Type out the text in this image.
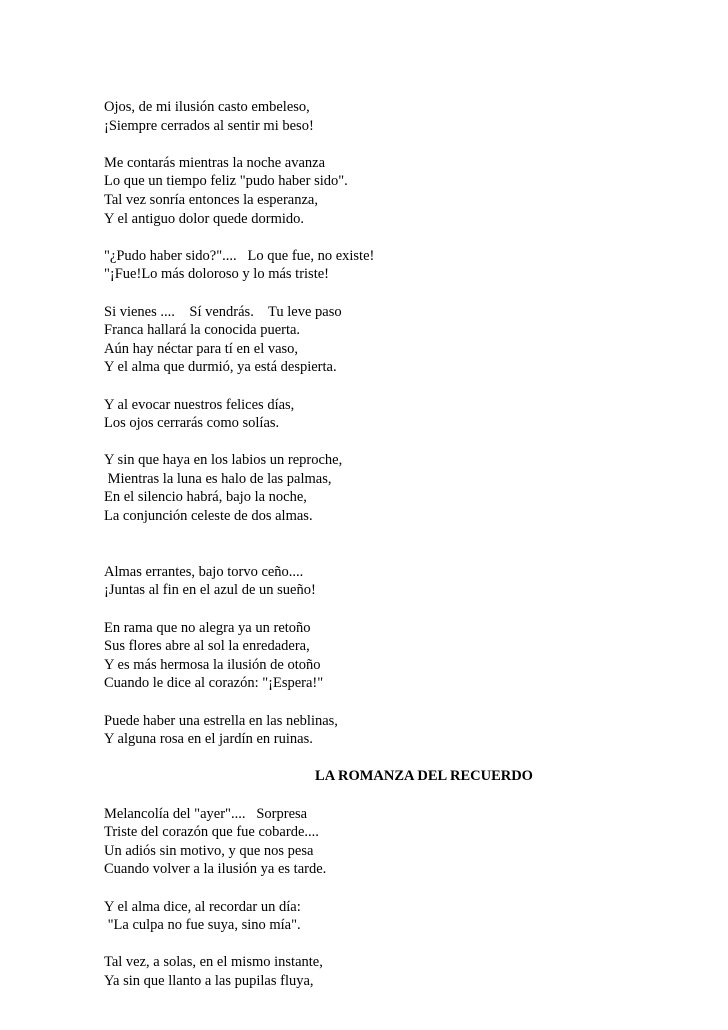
Ojos, de mi ilusión casto embeleso,
¡Siempre cerrados al sentir mi beso!
Me contarás mientras la noche avanza
Lo que un tiempo feliz "pudo haber sido".
Tal vez sonría entonces la esperanza,
Y el antiguo dolor quede dormido.
"¿Pudo haber sido?"....   Lo que fue, no existe!
"¡Fue!Lo más doloroso y lo más triste!
Si vienes ....    Sí vendrás.    Tu leve paso
Franca hallará la conocida puerta.
Aún hay néctar para tí en el vaso,
Y el alma que durmió, ya está despierta.
Y al evocar nuestros felices días,
Los ojos cerrarás como solías.
Y sin que haya en los labios un reproche,
Mientras la luna es halo de las palmas,
En el silencio habrá, bajo la noche,
La conjunción celeste de dos almas.
Almas errantes, bajo torvo ceño....
¡Juntas al fin en el azul de un sueño!
En rama que no alegra ya un retoño
Sus flores abre al sol la enredadera,
Y es más hermosa la ilusión de otoño
Cuando le dice al corazón: "¡Espera!"
Puede haber una estrella en las neblinas,
Y alguna rosa en el jardín en ruinas.
LA ROMANZA DEL RECUERDO
Melancolía del "ayer"....   Sorpresa
Triste del corazón que fue cobarde....
Un adiós sin motivo, y que nos pesa
Cuando volver a la ilusión ya es tarde.
Y el alma dice, al recordar un día:
"La culpa no fue suya, sino mía".
Tal vez, a solas, en el mismo instante,
Ya sin que llanto a las pupilas fluya,
